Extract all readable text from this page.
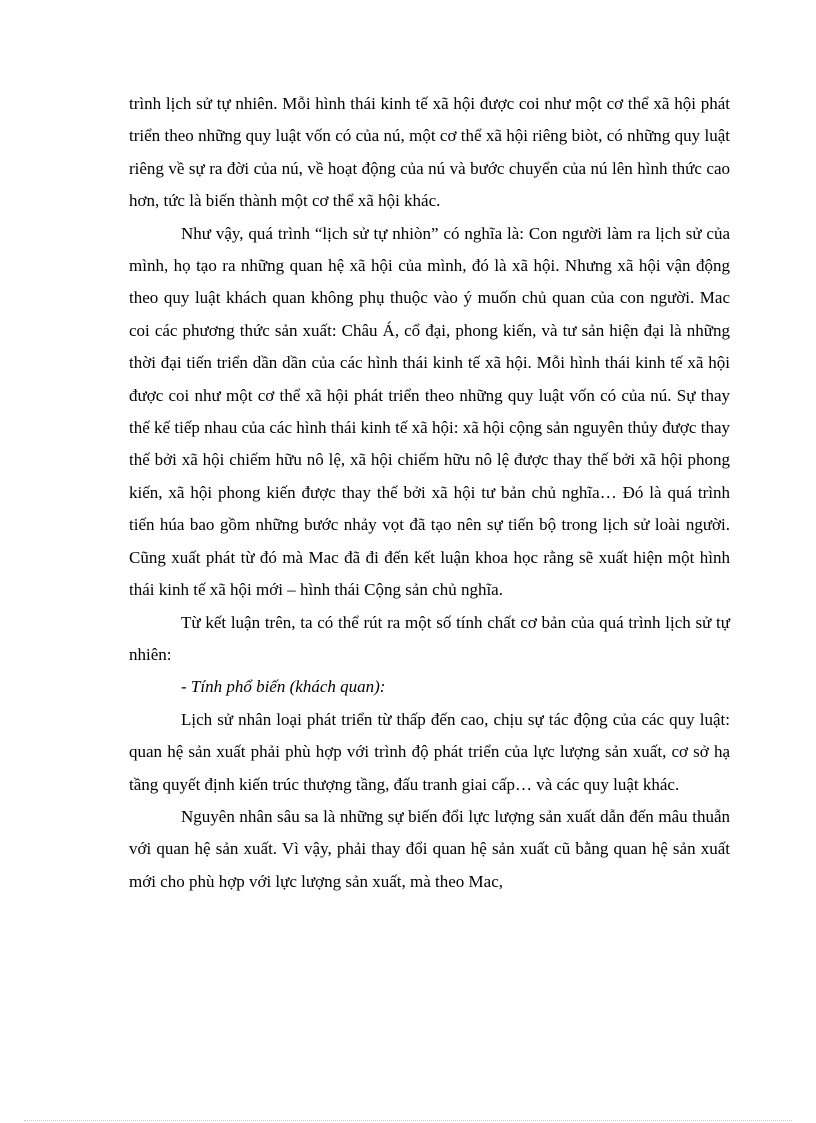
trình lịch sử tự nhiên. Mỗi hình thái kinh tế xã hội được coi như một cơ thể xã hội phát triển theo những quy luật vốn có của nú, một cơ thể xã hội riêng biòt, có những quy luật riêng về sự ra đời của nú, về hoạt động của nú và bước chuyển của nú lên hình thức cao hơn, tức là biến thành một cơ thể xã hội khác.

Như vậy, quá trình “lịch sử tự nhiòn” có nghĩa là: Con người làm ra lịch sử của mình, họ tạo ra những quan hệ xã hội của mình, đó là xã hội. Nhưng xã hội vận động theo quy luật khách quan không phụ thuộc vào ý muốn chủ quan của con người. Mac coi các phương thức sản xuất: Châu Á, cổ đại, phong kiến, và tư sản hiện đại là những thời đại tiến triển dần dần của các hình thái kinh tế xã hội. Mỗi hình thái kinh tế xã hội được coi như một cơ thể xã hội phát triển theo những quy luật vốn có của nú. Sự thay thế kế tiếp nhau của các hình thái kinh tế xã hội: xã hội cộng sản nguyên thủy được thay thế bởi xã hội chiếm hữu nô lệ, xã hội chiếm hữu nô lệ được thay thế bởi xã hội phong kiến, xã hội phong kiến được thay thế bởi xã hội tư bản chủ nghĩa… Đó là quá trình tiến húa bao gồm những bước nhảy vọt đã tạo nên sự tiến bộ trong lịch sử loài người. Cũng xuất phát từ đó mà Mac đã đi đến kết luận khoa học rằng sẽ xuất hiện một hình thái kinh tế xã hội mới – hình thái Cộng sản chủ nghĩa.

Từ kết luận trên, ta có thể rút ra một số tính chất cơ bản của quá trình lịch sử tự nhiên:

- Tính phổ biến (khách quan):

Lịch sử nhân loại phát triển từ thấp đến cao, chịu sự tác động của các quy luật: quan hệ sản xuất phải phù hợp với trình độ phát triển của lực lượng sản xuất, cơ sở hạ tầng quyết định kiến trúc thượng tầng, đấu tranh giai cấp… và các quy luật khác.

Nguyên nhân sâu sa là những sự biến đổi lực lượng sản xuất dẫn đến mâu thuẫn với quan hệ sản xuất. Vì vậy, phải thay đổi quan hệ sản xuất cũ bằng quan hệ sản xuất mới cho phù hợp với lực lượng sản xuất, mà theo Mac,
